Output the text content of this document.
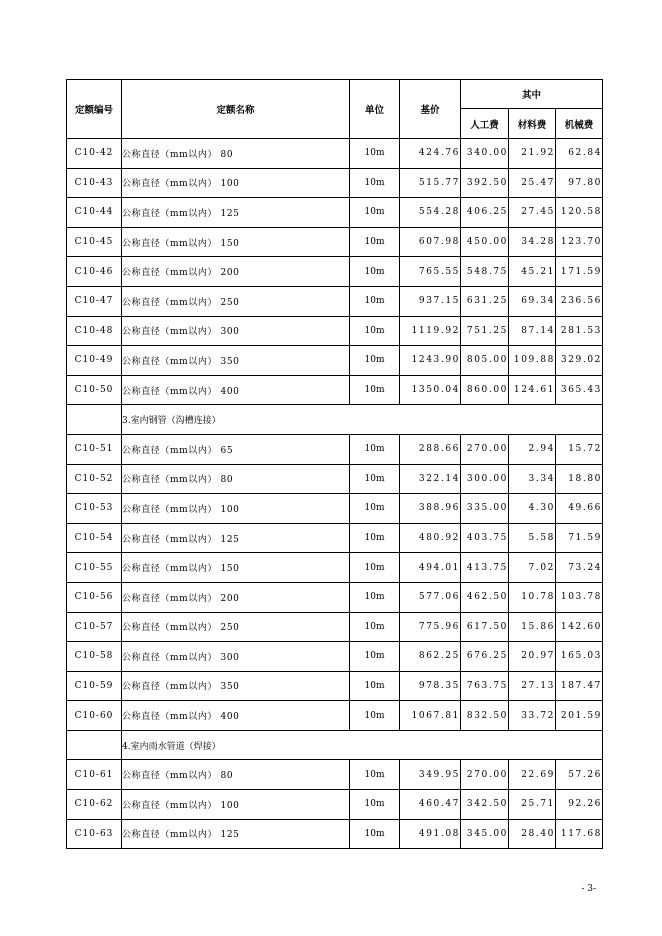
定额编号	定额名称	单位	基价	其中		
				人工费	材料费	机械费
C10-42	公称直径（mm以内） 80	10m	424.76	340.00	21.92	62.84
C10-43	公称直径（mm以内） 100	10m	515.77	392.50	25.47	97.80
C10-44	公称直径（mm以内） 125	10m	554.28	406.25	27.45	120.58
C10-45	公称直径（mm以内） 150	10m	607.98	450.00	34.28	123.70
C10-46	公称直径（mm以内） 200	10m	765.55	548.75	45.21	171.59
C10-47	公称直径（mm以内） 250	10m	937.15	631.25	69.34	236.56
C10-48	公称直径（mm以内） 300	10m	1119.92	751.25	87.14	281.53
C10-49	公称直径（mm以内） 350	10m	1243.90	805.00	109.88	329.02
C10-50	公称直径（mm以内） 400	10m	1350.04	860.00	124.61	365.43
	3.室内钢管（沟槽连接）					
C10-51	公称直径（mm以内） 65	10m	288.66	270.00	2.94	15.72
C10-52	公称直径（mm以内） 80	10m	322.14	300.00	3.34	18.80
C10-53	公称直径（mm以内） 100	10m	388.96	335.00	4.30	49.66
C10-54	公称直径（mm以内） 125	10m	480.92	403.75	5.58	71.59
C10-55	公称直径（mm以内） 150	10m	494.01	413.75	7.02	73.24
C10-56	公称直径（mm以内） 200	10m	577.06	462.50	10.78	103.78
C10-57	公称直径（mm以内） 250	10m	775.96	617.50	15.86	142.60
C10-58	公称直径（mm以内） 300	10m	862.25	676.25	20.97	165.03
C10-59	公称直径（mm以内） 350	10m	978.35	763.75	27.13	187.47
C10-60	公称直径（mm以内） 400	10m	1067.81	832.50	33.72	201.59
	4.室内雨水管道（焊接）					
C10-61	公称直径（mm以内） 80	10m	349.95	270.00	22.69	57.26
C10-62	公称直径（mm以内） 100	10m	460.47	342.50	25.71	92.26
C10-63	公称直径（mm以内） 125	10m	491.08	345.00	28.40	117.68
- 3-
